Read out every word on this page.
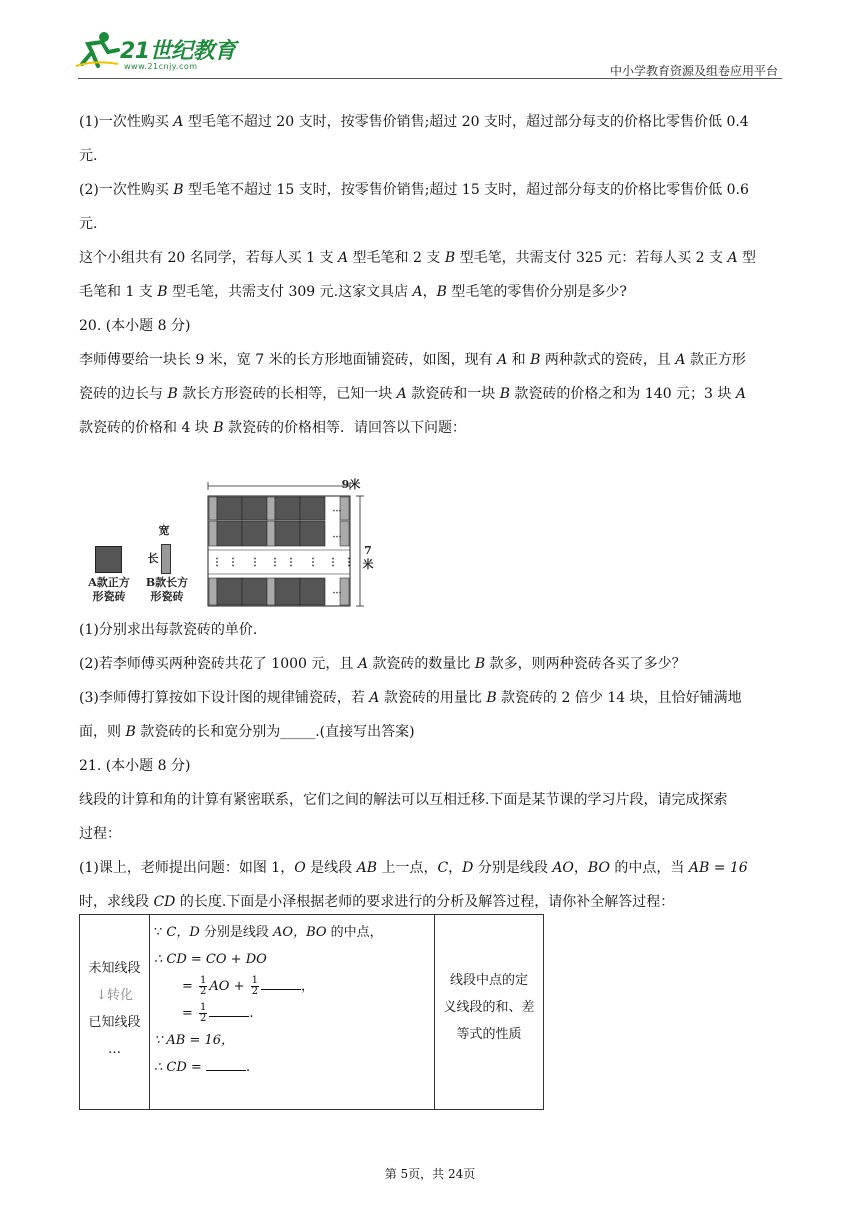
21世纪教育
www.21cnjy.com	中小学教育资源及组卷应用平台
(1)一次性购买 A 型毛笔不超过 20 支时，按零售价销售;超过 20 支时，超过部分每支的价格比零售价低 0.4
元.
(2)一次性购买 B 型毛笔不超过 15 支时，按零售价销售;超过 15 支时，超过部分每支的价格比零售价低 0.6
元.
这个小组共有 20 名同学，若每人买 1 支 A 型毛笔和 2 支 B 型毛笔，共需支付 325 元：若每人买 2 支 A 型
毛笔和 1 支 B 型毛笔，共需支付 309 元.这家文具店 A，B 型毛笔的零售价分别是多少?
20. (本小题 8 分)
李师傅要给一块长 9 米，宽 7 米的长方形地面铺瓷砖，如图，现有 A 和 B 两种款式的瓷砖，且 A 款正方形
瓷砖的边长与 B 款长方形瓷砖的长相等，已知一块 A 款瓷砖和一块 B 款瓷砖的价格之和为 140 元；3 块 A
款瓷砖的价格和 4 块 B 款瓷砖的价格相等．请回答以下问题：
A款正方
形瓷砖
宽
长
B款长方
形瓷砖
9米
7米
⋯
⋯
⋯
⋮ ⋮ ⋮ ⋮ ⋮ ⋮ ⋮ ⋮
(1)分别求出每款瓷砖的单价.
(2)若李师傅买两种瓷砖共花了 1000 元，且 A 款瓷砖的数量比 B 款多，则两种瓷砖各买了多少？
(3)李师傅打算按如下设计图的规律铺瓷砖，若 A 款瓷砖的用量比 B 款瓷砖的 2 倍少 14 块，且恰好铺满地
面，则 B 款瓷砖的长和宽分别为_____.(直接写出答案)
21. (本小题 8 分)
线段的计算和角的计算有紧密联系，它们之间的解法可以互相迁移.下面是某节课的学习片段，请完成探索
过程：
(1)课上，老师提出问题：如图 1，O 是线段 AB 上一点，C，D 分别是线段 AO，BO 的中点，当 AB = 16
时，求线段 CD 的长度.下面是小泽根据老师的要求进行的分析及解答过程，请你补全解答过程：
未知线段
↓转化
已知线段
…

∵ C，D 分别是线段 AO，BO 的中点，
∴ CD = CO + DO
= $\frac{1}{2}$ AO + $\frac{1}{2}$	，
= $\frac{1}{2}$	.
∵ AB = 16，
∴ CD =	.

线段中点的定
义线段的和、差
等式的性质
第 5页，共 24页
